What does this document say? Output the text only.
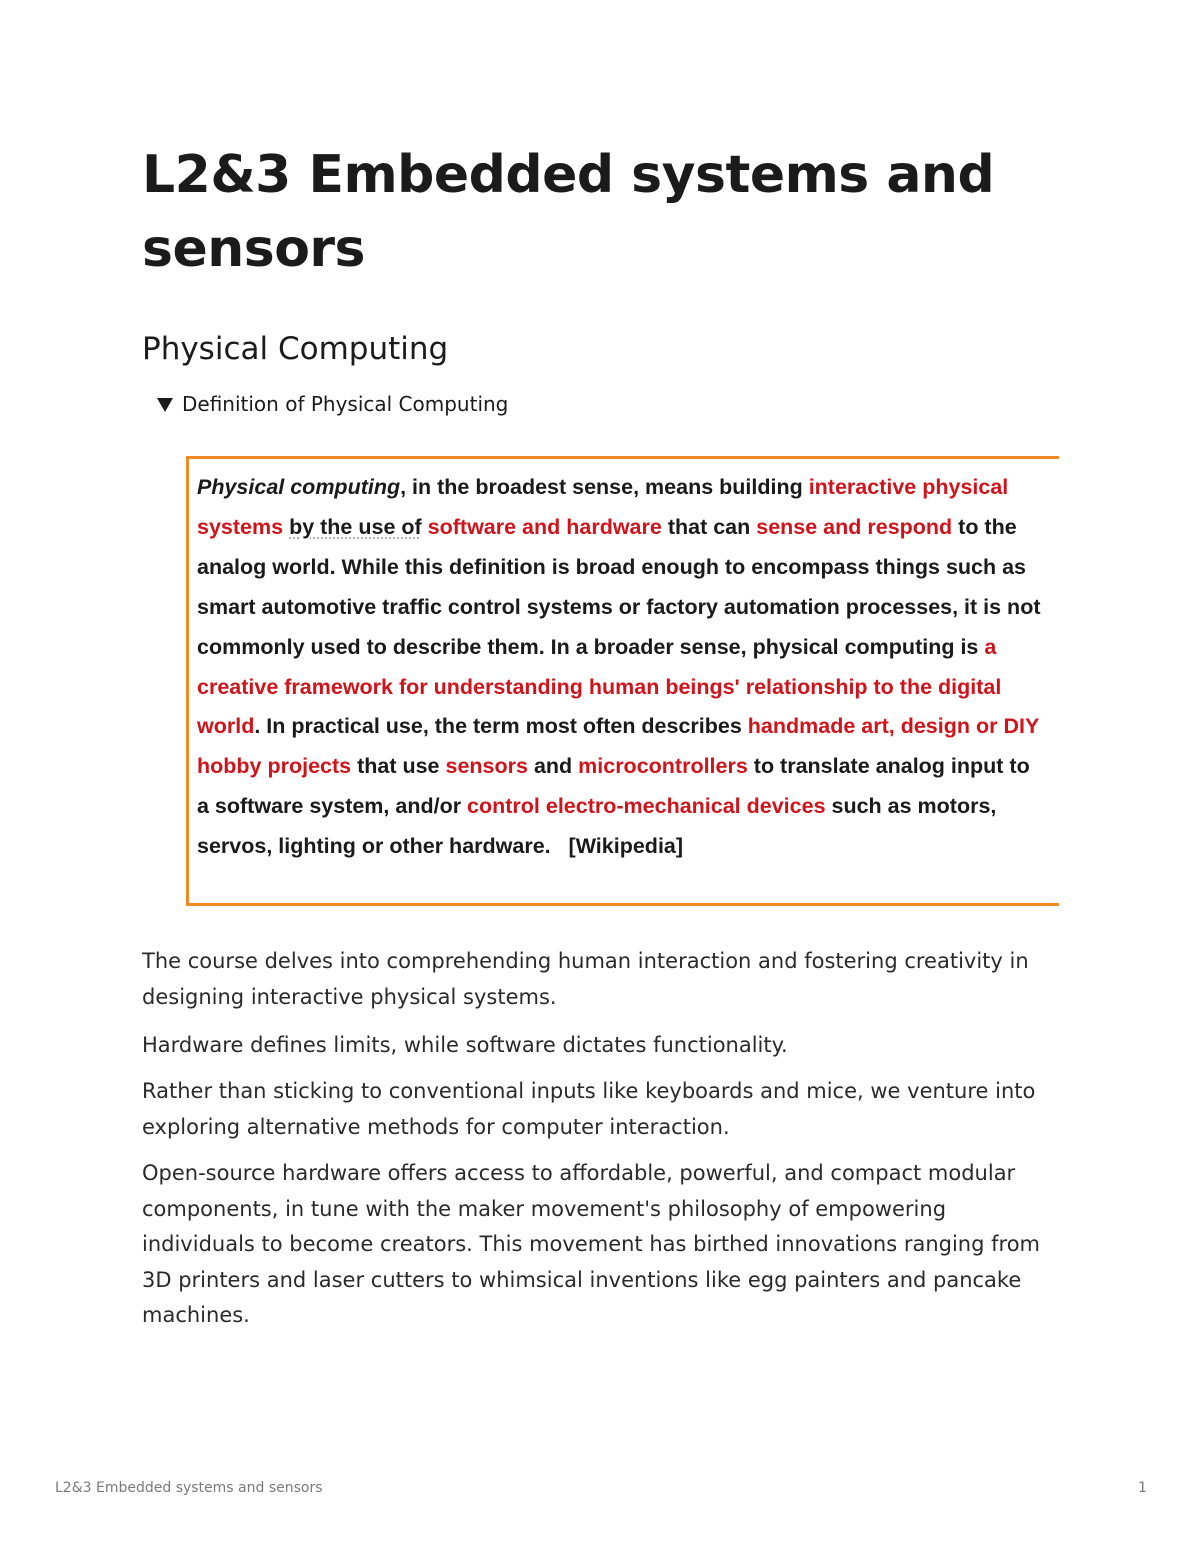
L2&3 Embedded systems and sensors
Physical Computing
Definition of Physical Computing

Physical computing, in the broadest sense, means building interactive physical systems by the use of software and hardware that can sense and respond to the analog world. While this definition is broad enough to encompass things such as smart automotive traffic control systems or factory automation processes, it is not commonly used to describe them. In a broader sense, physical computing is a creative framework for understanding human beings' relationship to the digital world. In practical use, the term most often describes handmade art, design or DIY hobby projects that use sensors and microcontrollers to translate analog input to a software system, and/or control electro-mechanical devices such as motors, servos, lighting or other hardware.   [Wikipedia]

The course delves into comprehending human interaction and fostering creativity in designing interactive physical systems.

Hardware defines limits, while software dictates functionality.

Rather than sticking to conventional inputs like keyboards and mice, we venture into exploring alternative methods for computer interaction.

Open-source hardware offers access to affordable, powerful, and compact modular components, in tune with the maker movement's philosophy of empowering individuals to become creators. This movement has birthed innovations ranging from 3D printers and laser cutters to whimsical inventions like egg painters and pancake machines.

L2&3 Embedded systems and sensors	1
